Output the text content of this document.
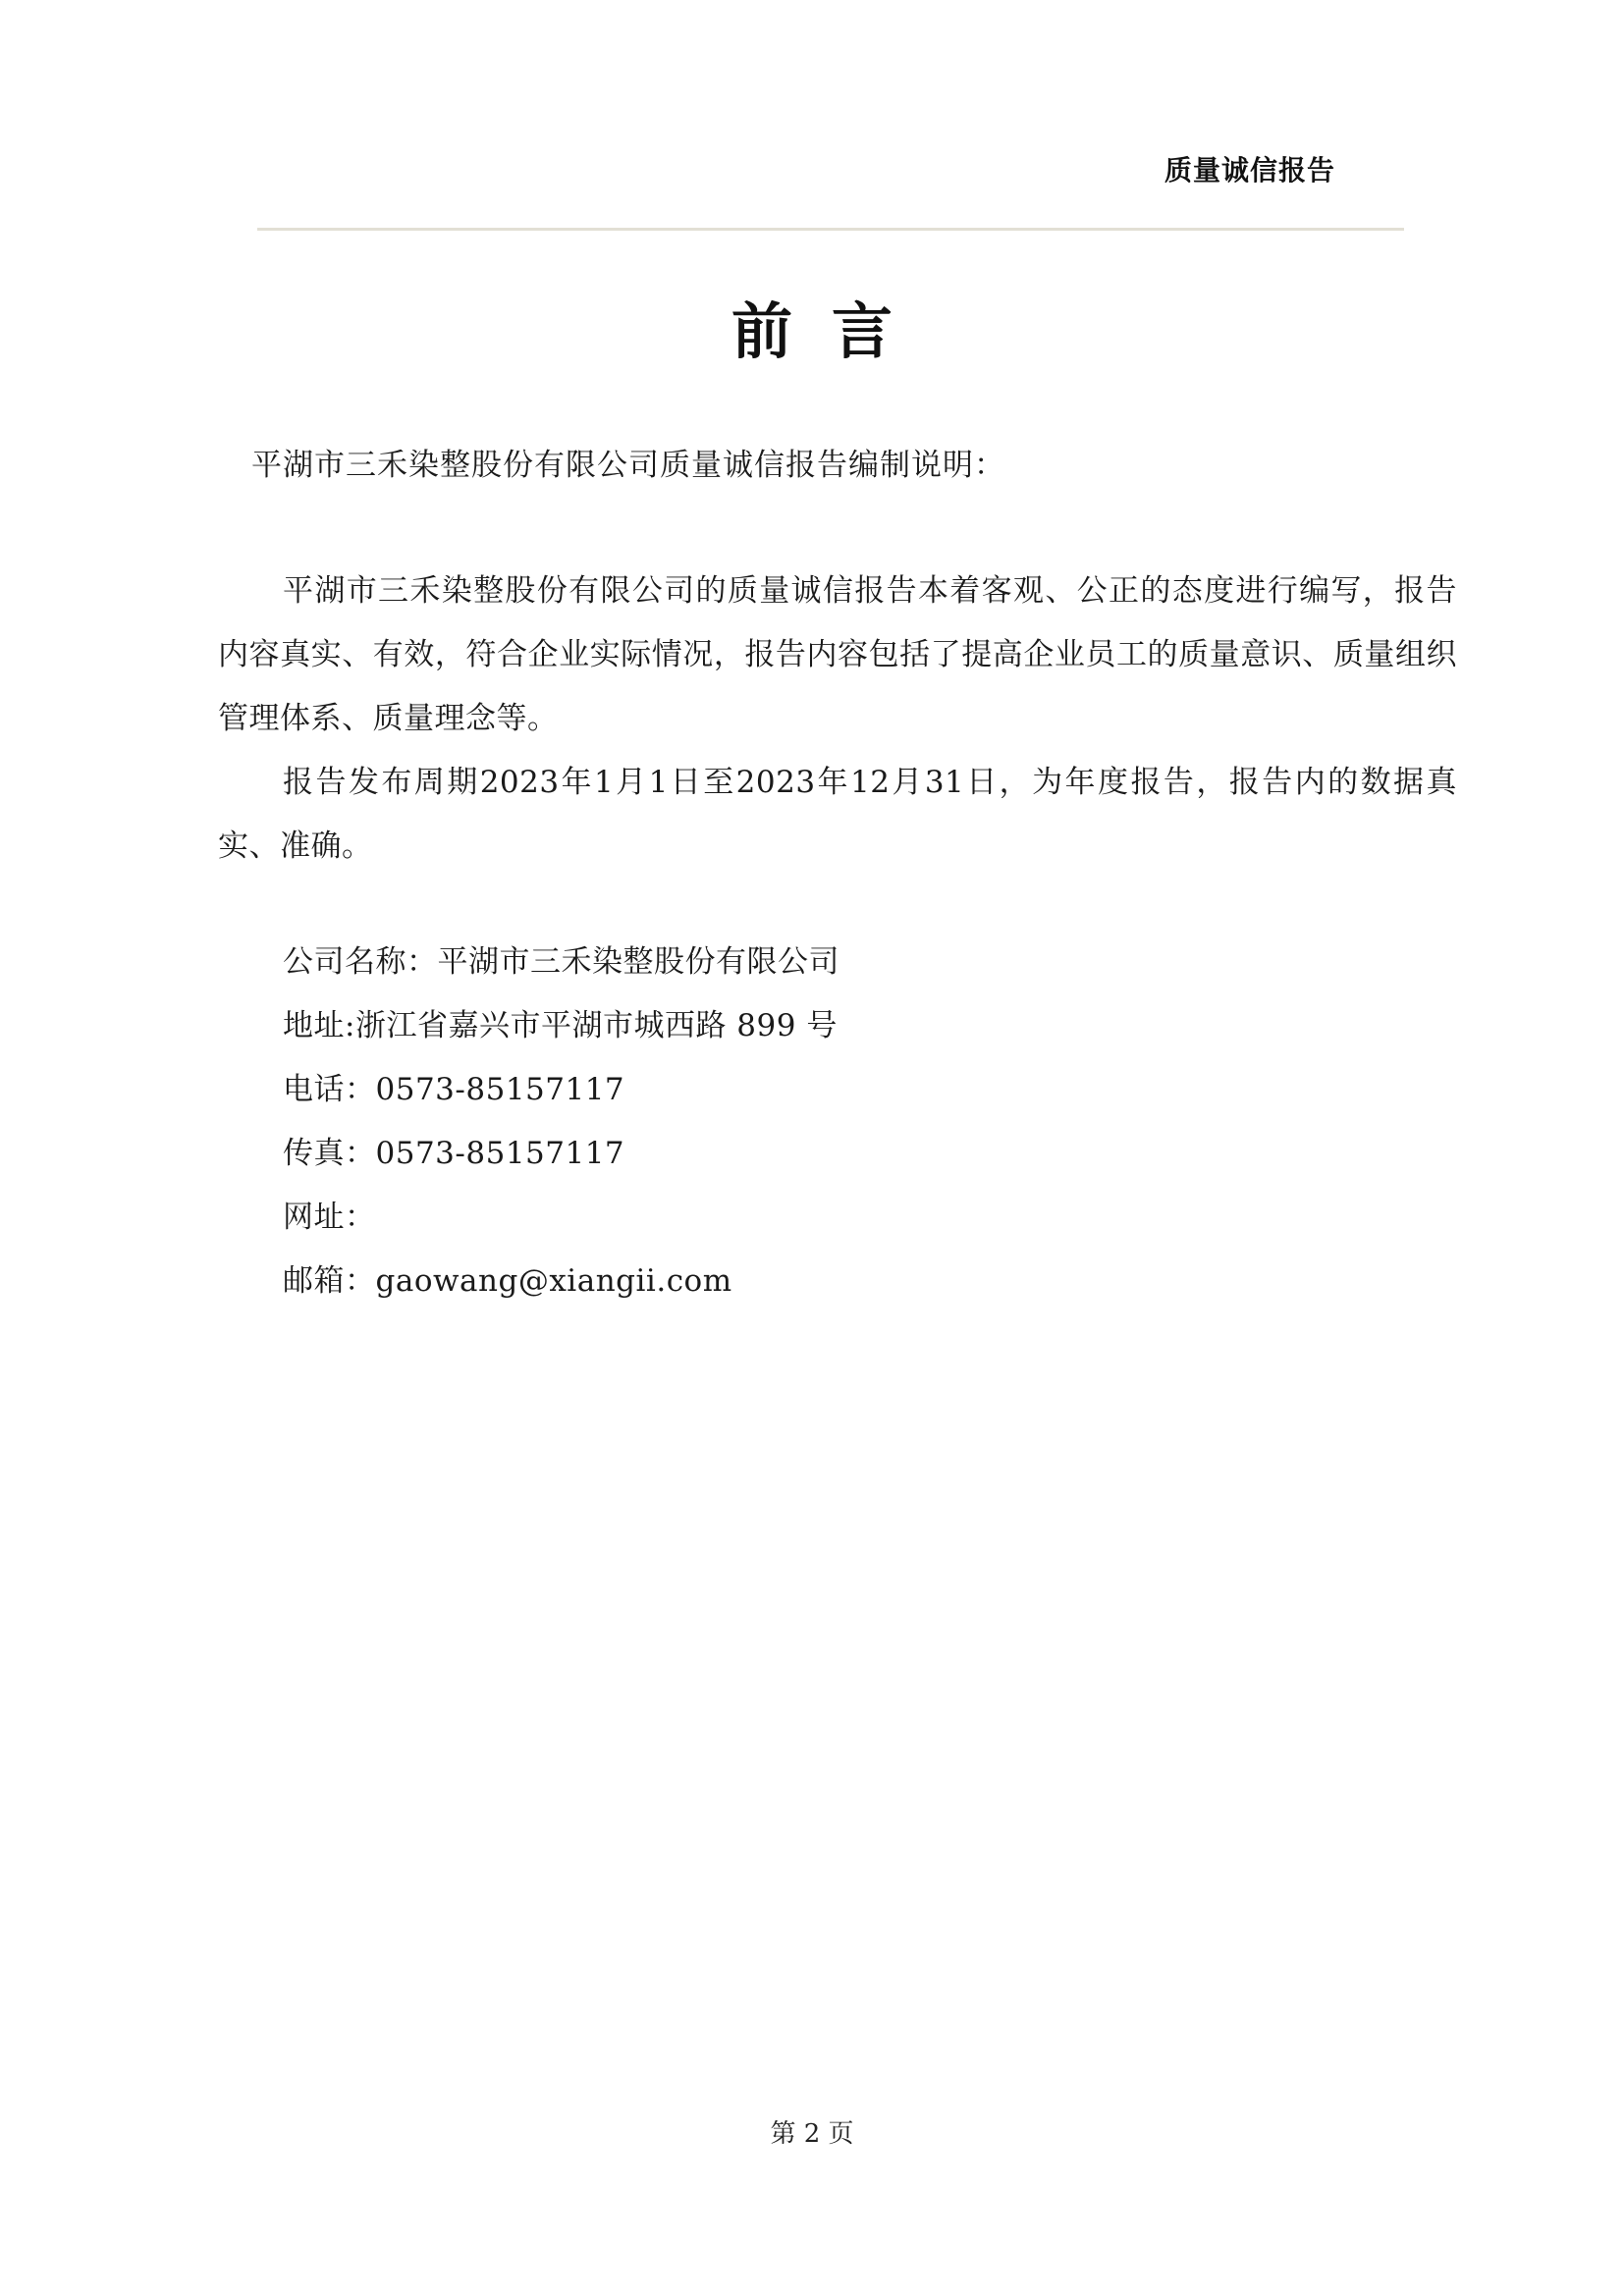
质量诚信报告
前言
平湖市三禾染整股份有限公司质量诚信报告编制说明：

平湖市三禾染整股份有限公司的质量诚信报告本着客观、公正的态度进行编写，报告内容真实、有效，符合企业实际情况，报告内容包括了提高企业员工的质量意识、质量组织管理体系、质量理念等。

报告发布周期2023年1月1日至2023年12月31日，为年度报告，报告内的数据真实、准确。

公司名称：平湖市三禾染整股份有限公司
地址:浙江省嘉兴市平湖市城西路 899 号
电话：0573-85157117
传真：0573-85157117
网址：
邮箱：gaowang@xiangii.com
第 2 页
